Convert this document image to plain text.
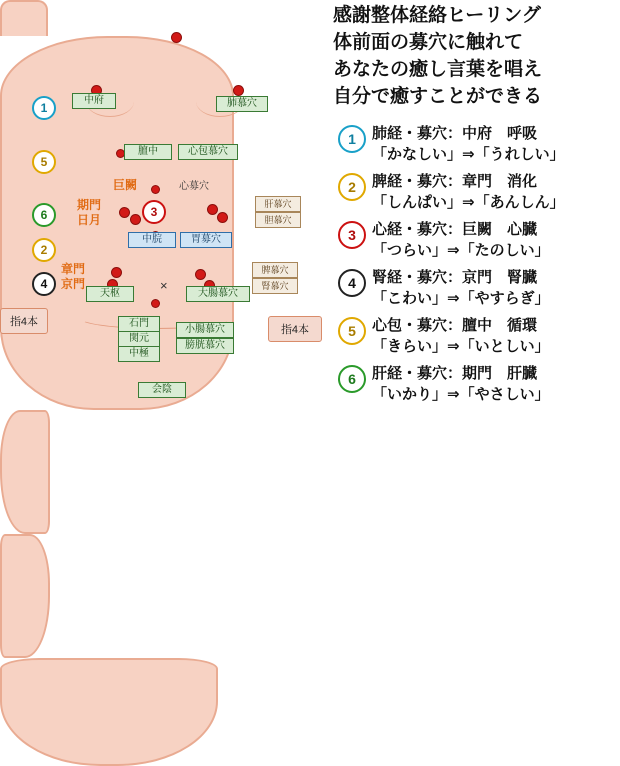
1
5
6
2
4	×
中府	肺慕穴
膻中	心包慕穴
巨闕	心募穴
肝慕穴
胆慕穴
期門
日月
3
中脘	胃募穴
脾慕穴
腎慕穴
章門
京門
天枢	大腸慕穴
石門
関元
中極
小腸慕穴
膀胱慕穴
会陰
指4本
指4本
感謝整体経絡ヒーリング
体前面の募穴に触れて
あなたの癒し言葉を唱え
自分で癒すことができる
1	肺経・募穴：中府　呼吸
「かなしい」⇒「うれしい」
2	脾経・募穴：章門　消化
「しんぱい」⇒「あんしん」
3	心経・募穴：巨闕　心臓
「つらい」⇒「たのしい」
4	腎経・募穴：京門　腎臓
「こわい」⇒「やすらぎ」
5	心包・募穴：膻中　循環
「きらい」⇒「いとしい」
6	肝経・募穴：期門　肝臓
「いかり」⇒「やさしい」
